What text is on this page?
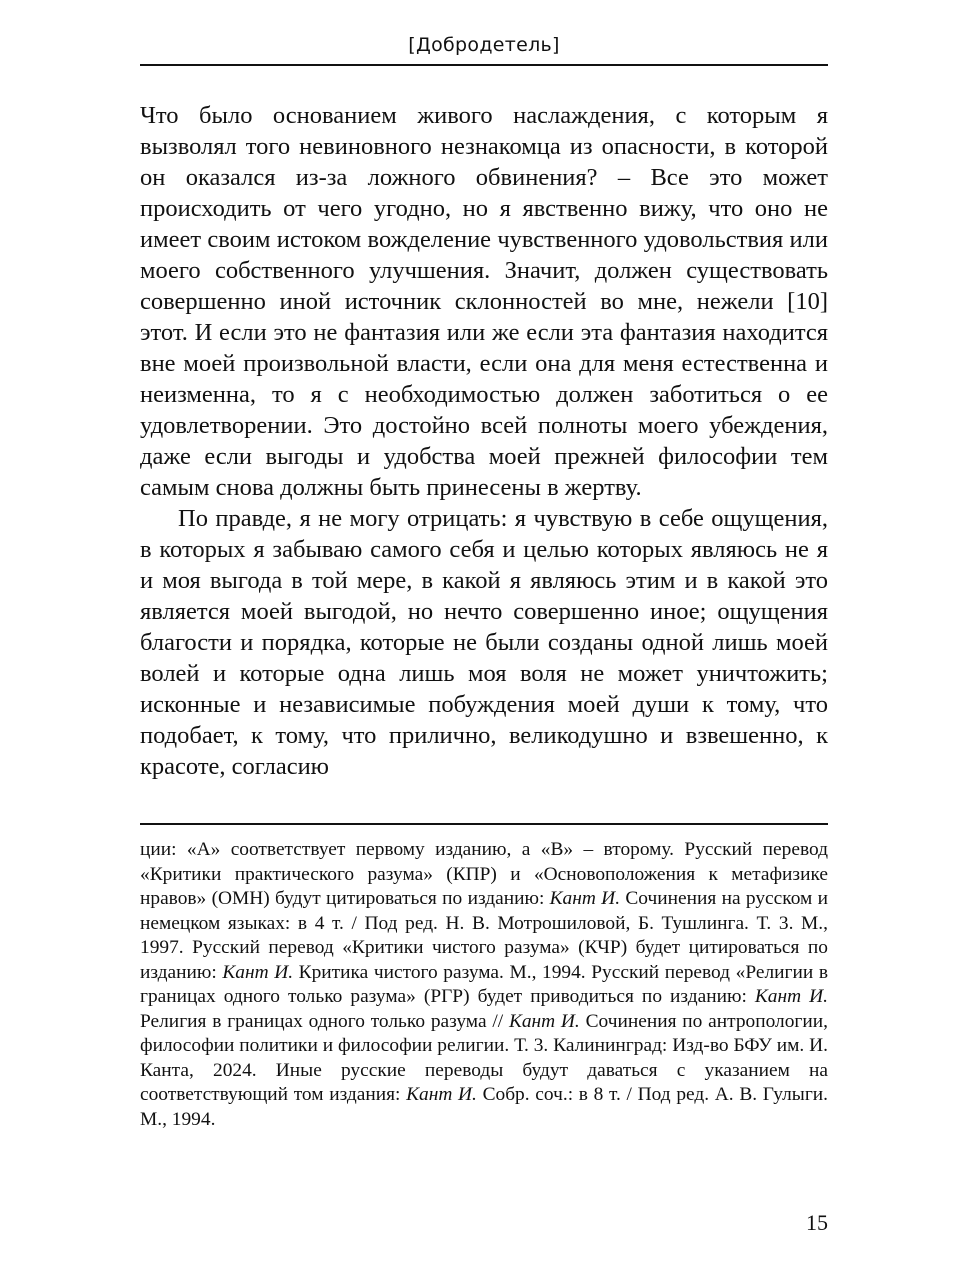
[Добродетель]

Что было основанием живого наслаждения, с которым я вызволял того невиновного незнакомца из опасности, в которой он оказался из-за ложного обвинения? – Все это может происходить от чего угодно, но я явственно вижу, что оно не имеет своим истоком вожделение чувственного удовольствия или моего собственного улучшения. Значит, должен существовать совершенно иной источник склонностей во мне, нежели [10] этот. И если это не фантазия или же если эта фантазия находится вне моей произвольной власти, если она для меня естественна и неизменна, то я с необходимостью должен заботиться о ее удовлетворении. Это достойно всей полноты моего убеждения, даже если выгоды и удобства моей прежней философии тем самым снова должны быть принесены в жертву.

По правде, я не могу отрицать: я чувствую в себе ощущения, в которых я забываю самого себя и целью которых являюсь не я и моя выгода в той мере, в какой я являюсь этим и в какой это является моей выгодой, но нечто совершенно иное; ощущения благости и порядка, которые не были созданы одной лишь моей волей и которые одна лишь моя воля не может уничтожить; исконные и независимые побуждения моей души к тому, что подобает, к тому, что прилично, великодушно и взвешенно, к красоте, согласию

ции: «A» соответствует первому изданию, а «B» – второму. Русский перевод «Критики практического разума» (КПР) и «Основоположения к метафизике нравов» (ОМН) будут цитироваться по изданию: Кант И. Сочинения на русском и немецком языках: в 4 т. / Под ред. Н. В. Мотрошиловой, Б. Тушлинга. Т. 3. М., 1997. Русский перевод «Критики чистого разума» (КЧР) будет цитироваться по изданию: Кант И. Критика чистого разума. М., 1994. Русский перевод «Религии в границах одного только разума» (РГР) будет приводиться по изданию: Кант И. Религия в границах одного только разума // Кант И. Сочинения по антропологии, философии политики и философии религии. Т. 3. Калининград: Изд-во БФУ им. И. Канта, 2024. Иные русские переводы будут даваться с указанием на соответствующий том издания: Кант И. Собр. соч.: в 8 т. / Под ред. А. В. Гулыги. М., 1994.

15
